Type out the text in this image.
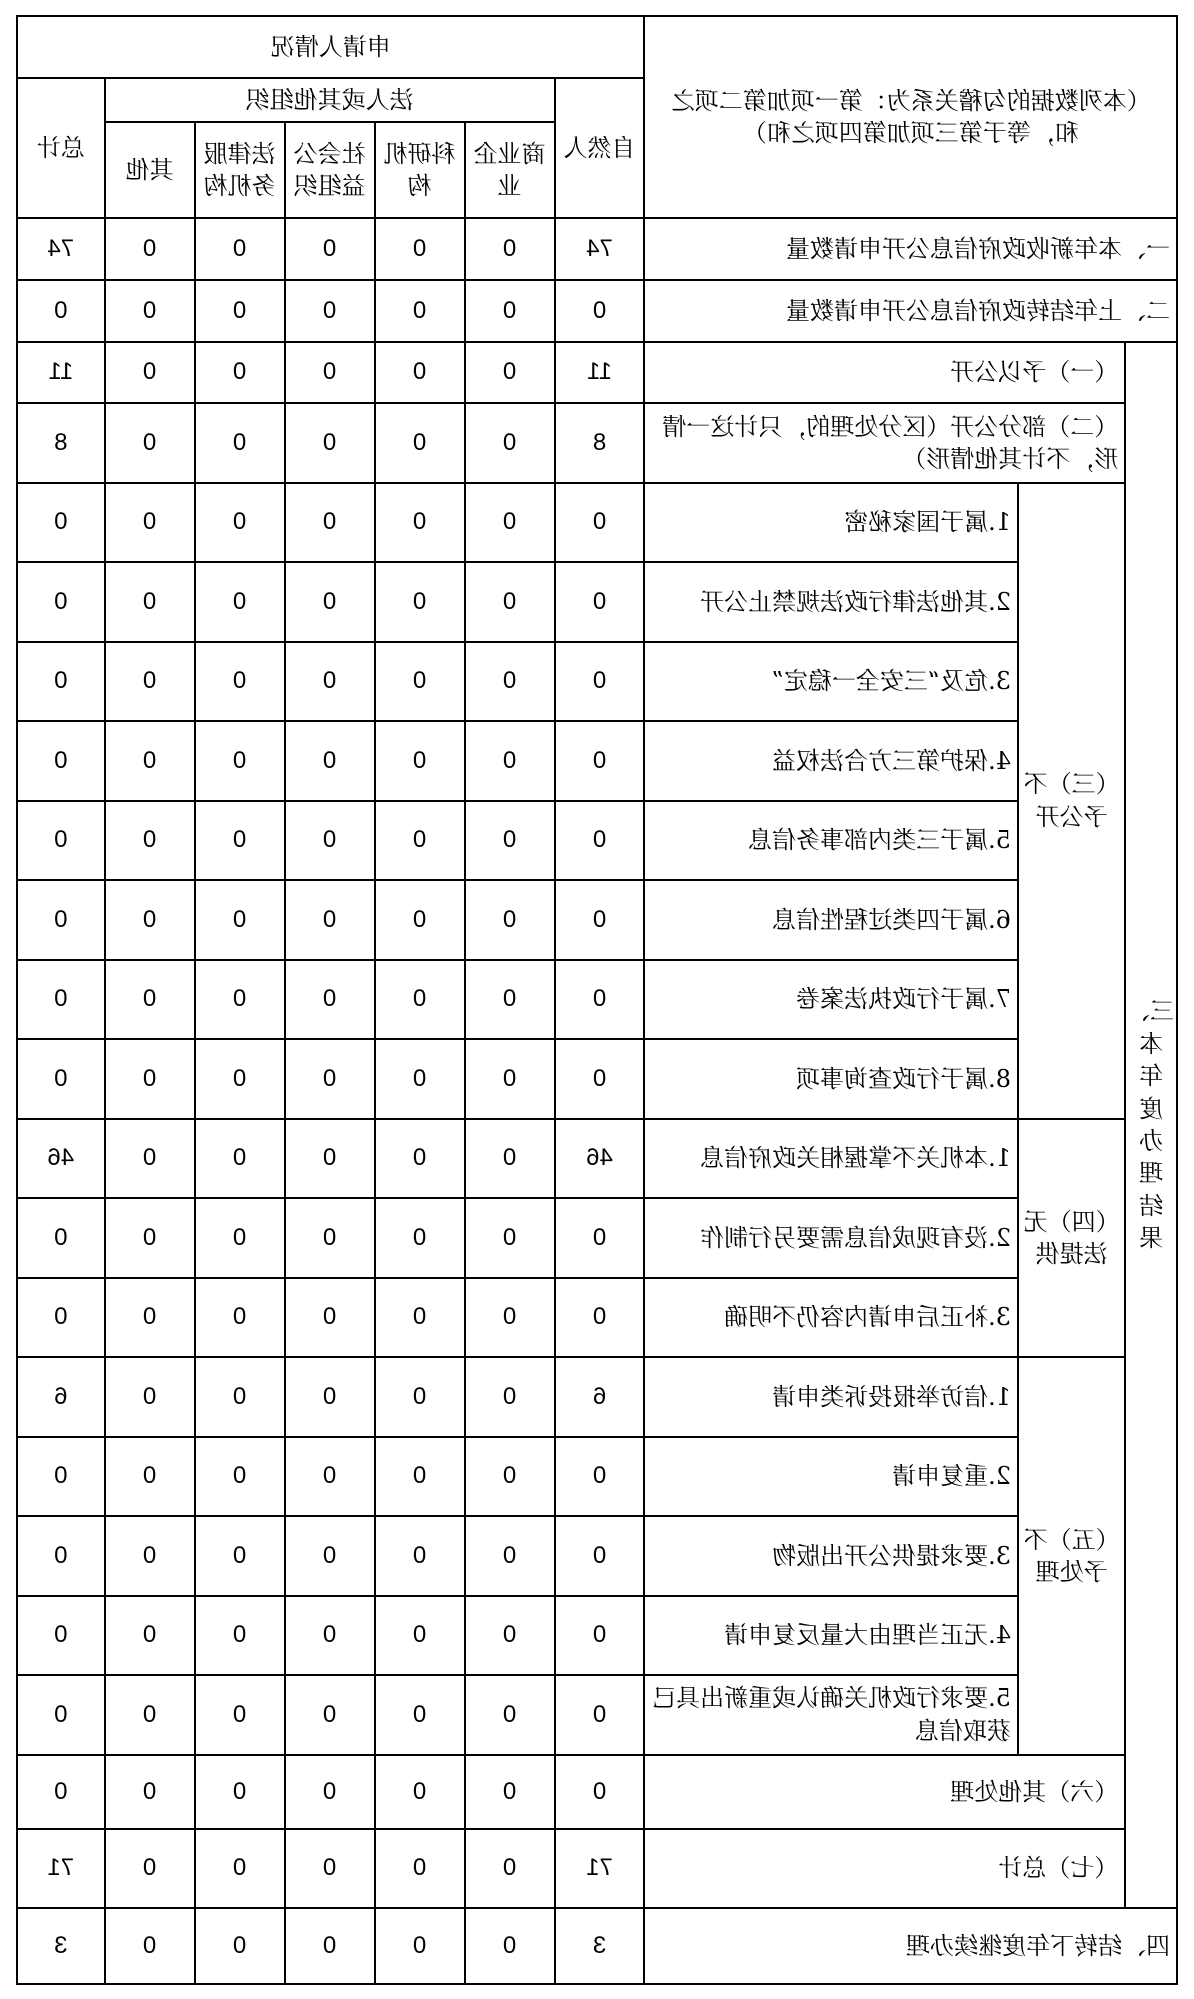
（本列数据的勾稽关系为：第一项加第二项之和，等于第三项加第四项之和）			申请人情况						
			自然人	法人或其他组织					总计
				商业企业	科研机构	社会公益组织	法律服务机构	其他	
一、本年新收政府信息公开申请数量			74	0	0	0	0	0	74
二、上年结转政府信息公开申请数量			0	0	0	0	0	0	0
三、本年度办理结果	（一）予以公开		11	0	0	0	0	0	11
	（二）部分公开（区分处理的，只计这一情形，不计其他情形）		8	0	0	0	0	0	8
	（三）不予公开	1.属于国家秘密	0	0	0	0	0	0	0
		2.其他法律行政法规禁止公开	0	0	0	0	0	0	0
		3.危及“三安全一稳定”	0	0	0	0	0	0	0
		4.保护第三方合法权益	0	0	0	0	0	0	0
		5.属于三类内部事务信息	0	0	0	0	0	0	0
		6.属于四类过程性信息	0	0	0	0	0	0	0
		7.属于行政执法案卷	0	0	0	0	0	0	0
		8.属于行政查询事项	0	0	0	0	0	0	0
	（四）无法提供	1.本机关不掌握相关政府信息	46	0	0	0	0	0	46
		2.没有现成信息需要另行制作	0	0	0	0	0	0	0
		3.补正后申请内容仍不明确	0	0	0	0	0	0	0
	（五）不予处理	1.信访举报投诉类申请	6	0	0	0	0	0	6
		2.重复申请	0	0	0	0	0	0	0
		3.要求提供公开出版物	0	0	0	0	0	0	0
		4.无正当理由大量反复申请	0	0	0	0	0	0	0
		5.要求行政机关确认或重新出具已获取信息	0	0	0	0	0	0	0
	（六）其他处理		0	0	0	0	0	0	0
	（七）总计		71	0	0	0	0	0	71
四、结转下年度继续办理			3	0	0	0	0	0	3
